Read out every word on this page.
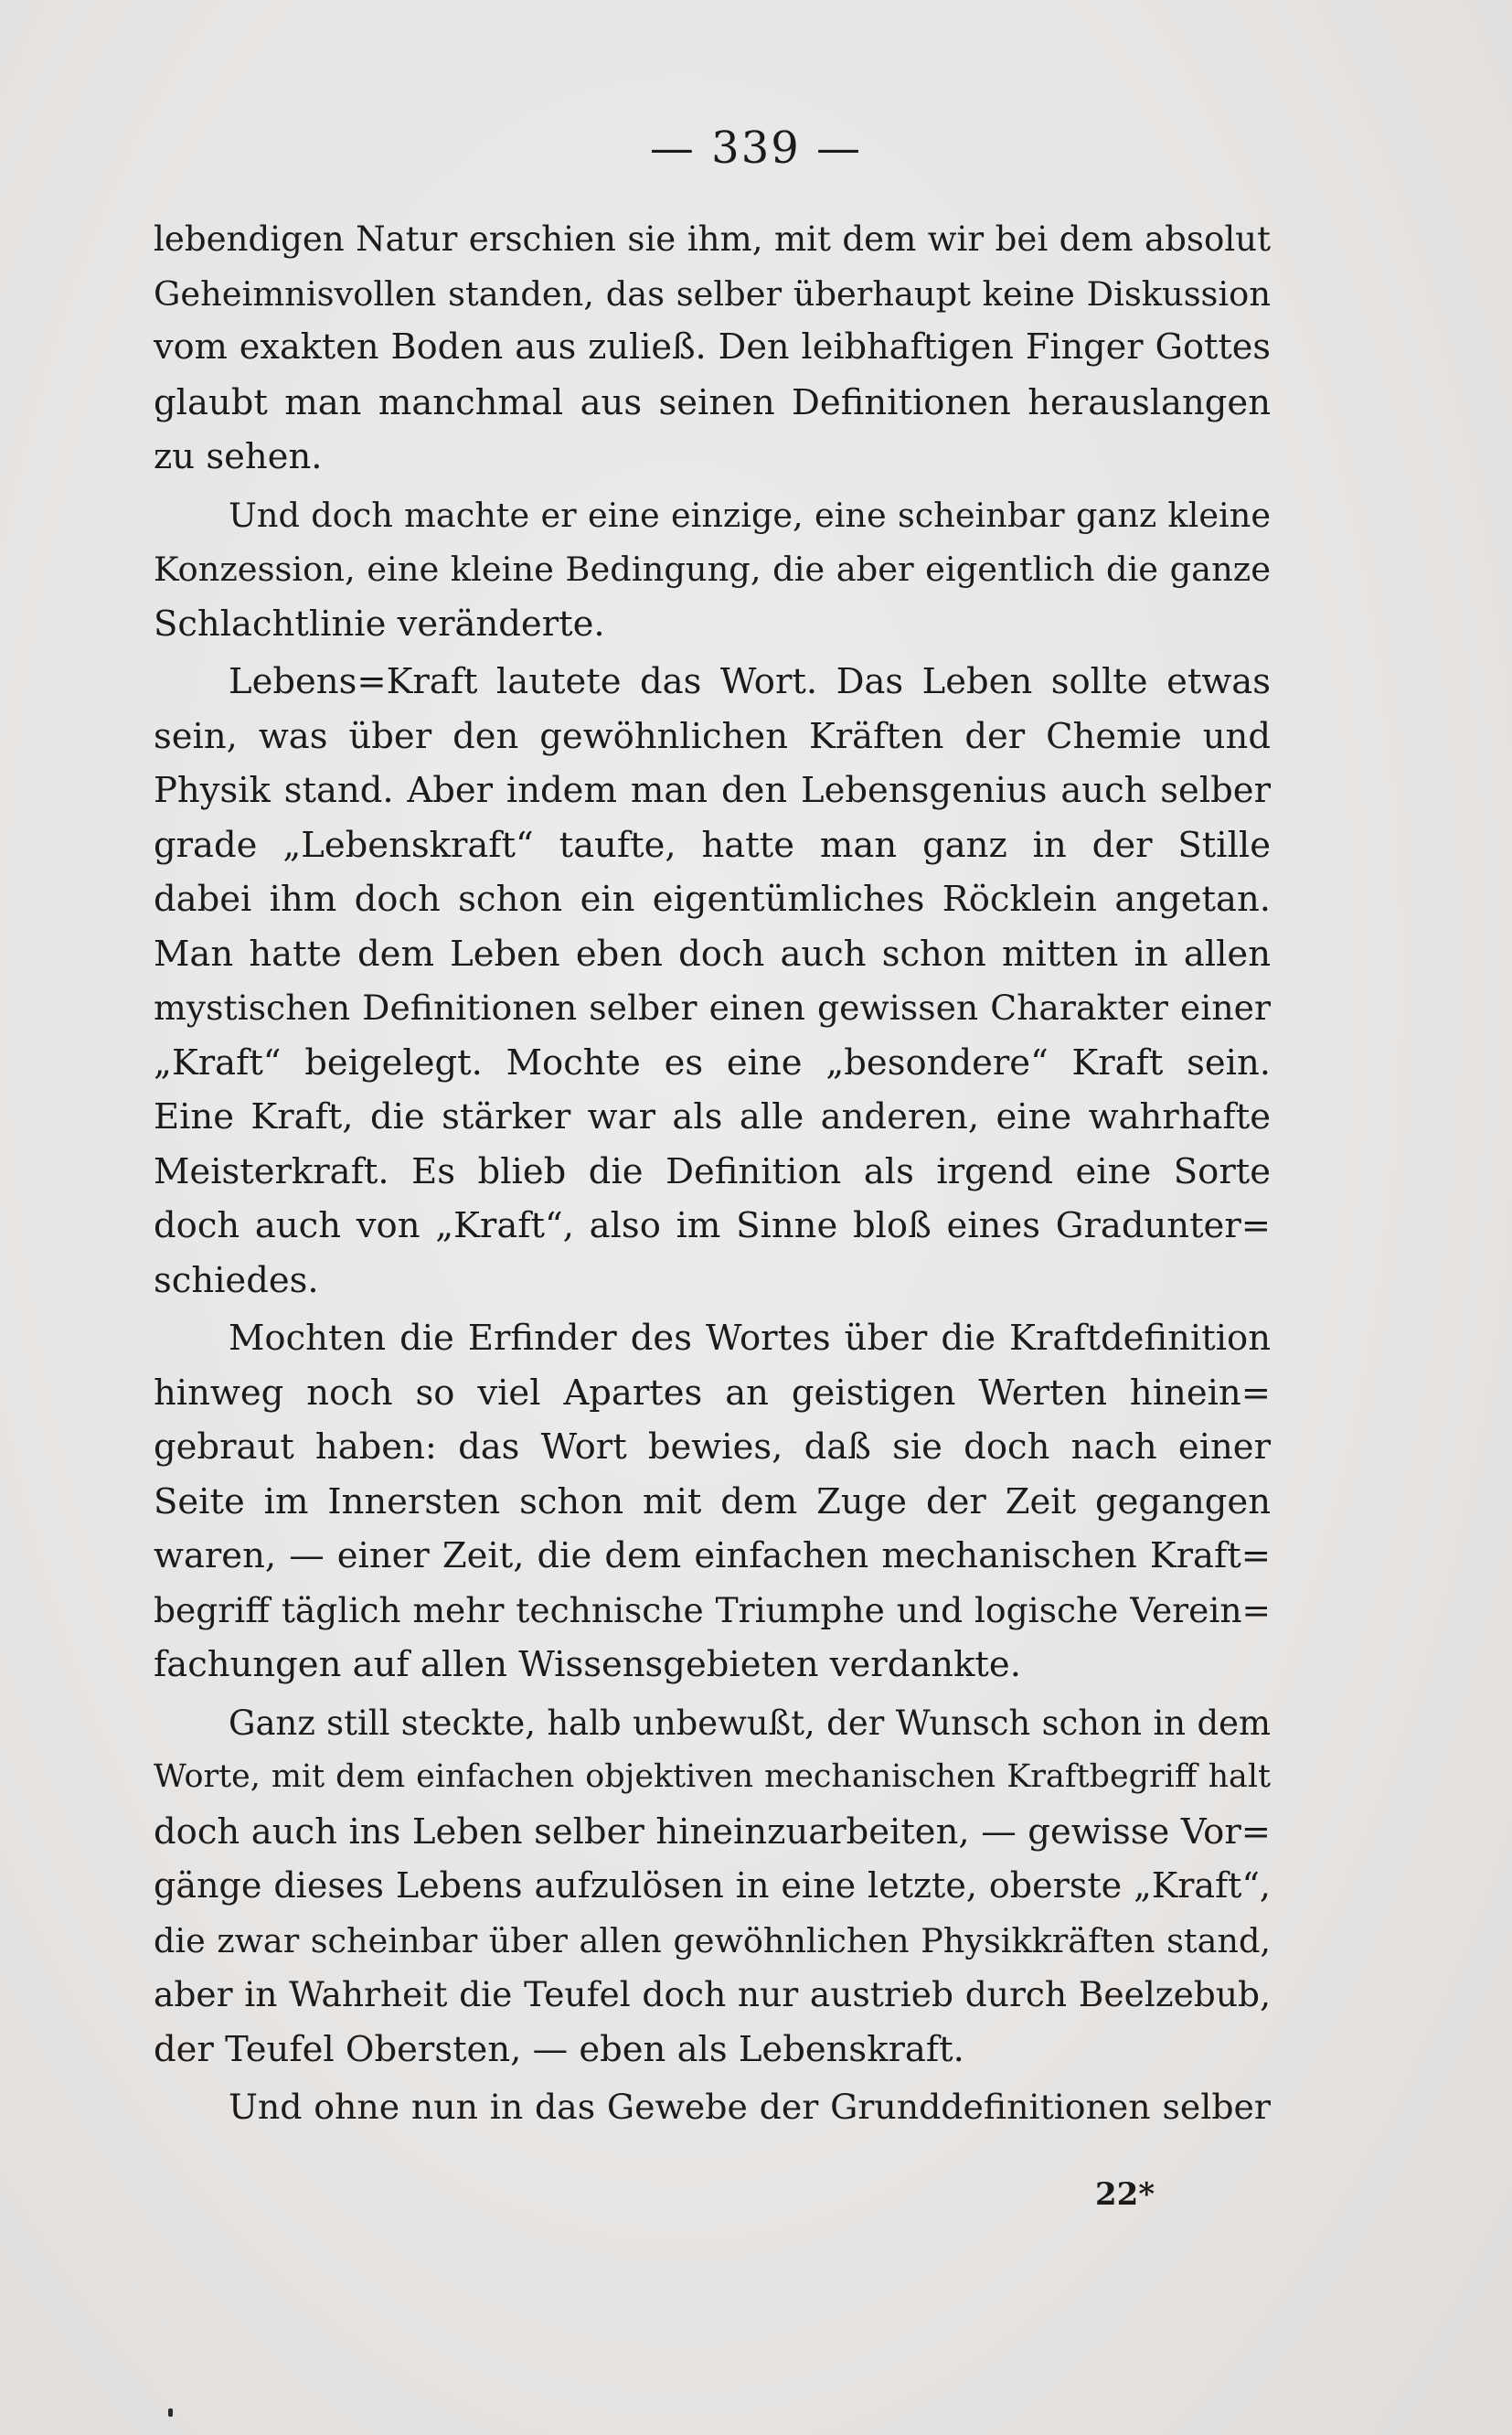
— 339 —

lebendigen Natur erschien sie ihm, mit dem wir bei dem absolut
Geheimnisvollen standen, das selber überhaupt keine Diskussion
vom exakten Boden aus zuließ. Den leibhaftigen Finger Gottes
glaubt man manchmal aus seinen Definitionen herauslangen
zu sehen.

Und doch machte er eine einzige, eine scheinbar ganz kleine
Konzession, eine kleine Bedingung, die aber eigentlich die ganze
Schlachtlinie veränderte.

Lebens=Kraft lautete das Wort. Das Leben sollte etwas
sein, was über den gewöhnlichen Kräften der Chemie und
Physik stand. Aber indem man den Lebensgenius auch selber
grade „Lebenskraft“ taufte, hatte man ganz in der Stille
dabei ihm doch schon ein eigentümliches Röcklein angetan.
Man hatte dem Leben eben doch auch schon mitten in allen
mystischen Definitionen selber einen gewissen Charakter einer
„Kraft“ beigelegt. Mochte es eine „besondere“ Kraft sein.
Eine Kraft, die stärker war als alle anderen, eine wahrhafte
Meisterkraft. Es blieb die Definition als irgend eine Sorte
doch auch von „Kraft“, also im Sinne bloß eines Gradunter=
schiedes.

Mochten die Erfinder des Wortes über die Kraftdefinition
hinweg noch so viel Apartes an geistigen Werten hinein=
gebraut haben: das Wort bewies, daß sie doch nach einer
Seite im Innersten schon mit dem Zuge der Zeit gegangen
waren, — einer Zeit, die dem einfachen mechanischen Kraft=
begriff täglich mehr technische Triumphe und logische Verein=
fachungen auf allen Wissensgebieten verdankte.

Ganz still steckte, halb unbewußt, der Wunsch schon in dem
Worte, mit dem einfachen objektiven mechanischen Kraftbegriff halt
doch auch ins Leben selber hineinzuarbeiten, — gewisse Vor=
gänge dieses Lebens aufzulösen in eine letzte, oberste „Kraft“,
die zwar scheinbar über allen gewöhnlichen Physikkräften stand,
aber in Wahrheit die Teufel doch nur austrieb durch Beelzebub,
der Teufel Obersten, — eben als Lebenskraft.

Und ohne nun in das Gewebe der Grunddefinitionen selber

22*
